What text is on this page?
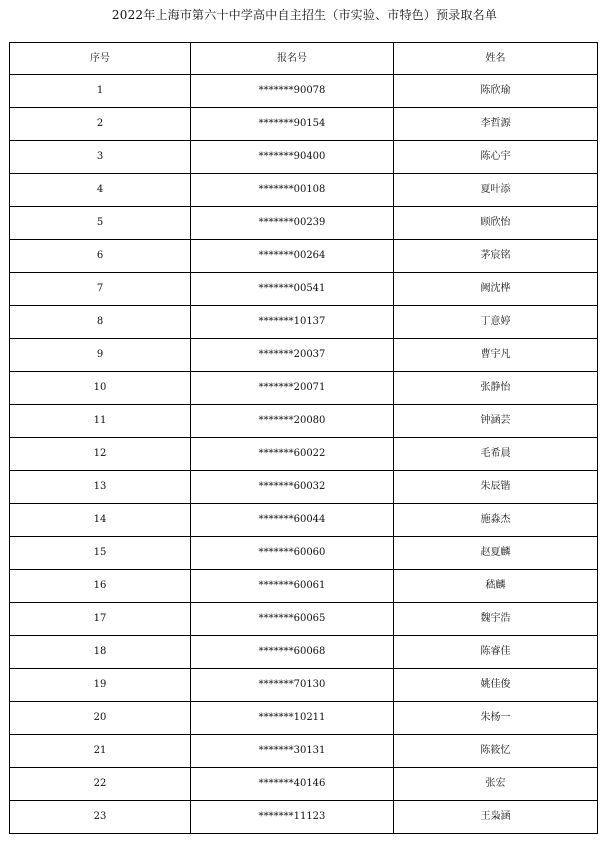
2022年上海市第六十中学高中自主招生（市实验、市特色）预录取名单
序号	报名号	姓名
1	*******90078	陈欣瑜
2	*******90154	李哲源
3	*******90400	陈心宇
4	*******00108	夏叶添
5	*******00239	顾欣怡
6	*******00264	茅宸铭
7	*******00541	阙沈桦
8	*******10137	丁意婷
9	*******20037	曹宇凡
10	*******20071	张静怡
11	*******20080	钟涵芸
12	*******60022	毛希晨
13	*******60032	朱辰锴
14	*******60044	施淼杰
15	*******60060	赵夏麟
16	*******60061	嵇麟
17	*******60065	魏宇浩
18	*******60068	陈睿佳
19	*******70130	姚佳俊
20	*******10211	朱杨一
21	*******30131	陈筱忆
22	*******40146	张宏
23	*******11123	王枭涵
